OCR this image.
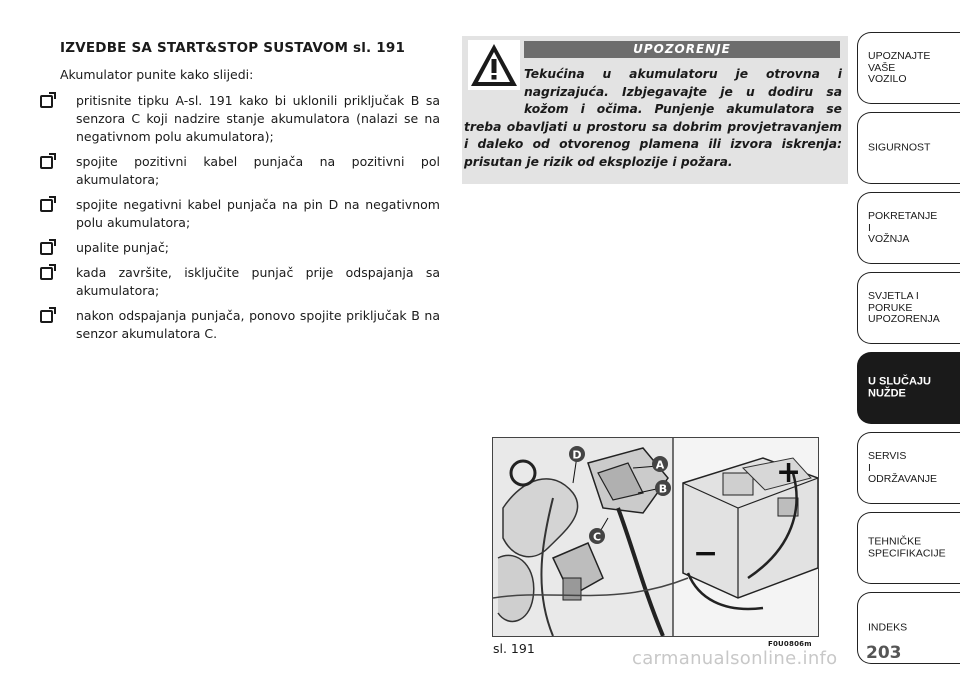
IZVEDBE SA START&STOP SUSTAVOM sl. 191
Akumulator punite kako slijedi:
pritisnite tipku A-sl. 191 kako bi uklonili priključak B sa senzora C koji nadzire stanje akumulatora (nalazi se na negativnom polu akumulatora);
spojite pozitivni kabel punjača na pozitivni pol akumulatora;
spojite negativni kabel punjača na pin D na negativnom polu akumulatora;
upalite punjač;
kada završite, isključite punjač prije odspajanja sa akumulatora;
nakon odspajanja punjača, ponovo spojite priključak B na senzor akumulatora C.
UPOZORENJE

Tekućina u akumulatoru je otrovna i nagrizajuća. Izbjegavajte je u dodiru sa kožom i očima. Punjenje akumulatora se treba obavljati u prostoru sa dobrim provjetravanjem i daleko od otvorenog plamena ili izvora iskrenja: prisutan je rizik od eksplozije i požara.

+
−
D
A
B
C
F0U0806m
sl. 191
UPOZNAJTE
VAŠE
VOZILO
SIGURNOST
POKRETANJE
I
VOŽNJA
SVJETLA I
PORUKE
UPOZORENJA
U SLUČAJU
NUŽDE
SERVIS
I
ODRŽAVANJE
TEHNIČKE
SPECIFIKACIJE
INDEKS
203
carmanualsonline.info
